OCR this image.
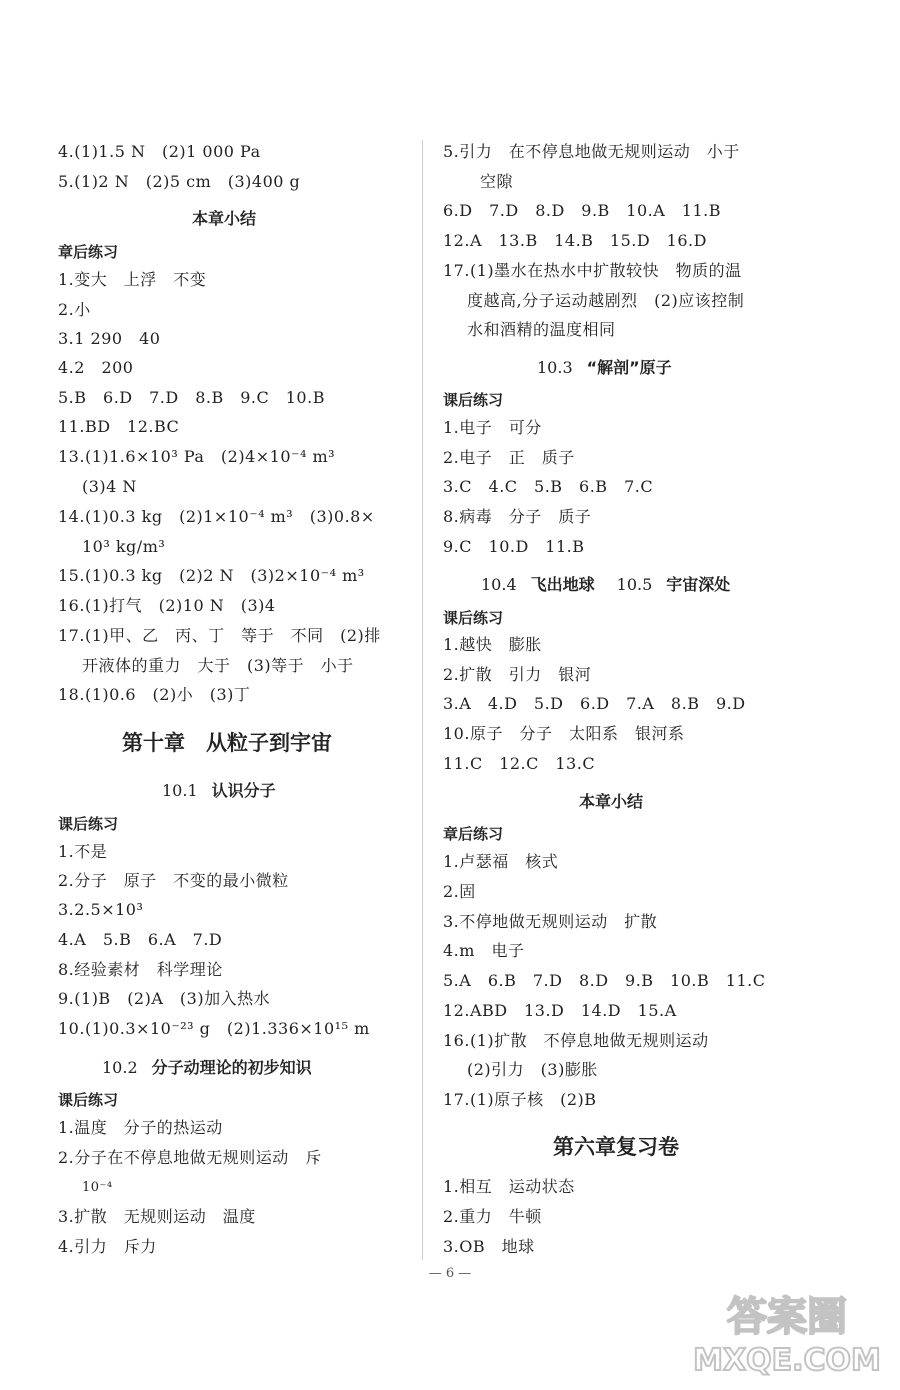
4.(1)1.5 N　(2)1 000 Pa
5.(1)2 N　(2)5 cm　(3)400 g
本章小结
章后练习
1.变大　上浮　不变
2.小
3.1 290　40
4.2　200
5.B　6.D　7.D　8.B　9.C　10.B
11.BD　12.BC
13.(1)1.6×10³ Pa　(2)4×10⁻⁴ m³
(3)4 N
14.(1)0.3 kg　(2)1×10⁻⁴ m³　(3)0.8×
10³ kg/m³
15.(1)0.3 kg　(2)2 N　(3)2×10⁻⁴ m³
16.(1)打气　(2)10 N　(3)4
17.(1)甲、乙　丙、丁　等于　不同　(2)排
开液体的重力　大于　(3)等于　小于
18.(1)0.6　(2)小　(3)丁
第十章　从粒子到宇宙
10.1 认识分子
课后练习
1.不是
2.分子　原子　不变的最小微粒
3.2.5×10³
4.A　5.B　6.A　7.D
8.经验素材　科学理论
9.(1)B　(2)A　(3)加入热水
10.(1)0.3×10⁻²³ g　(2)1.336×10¹⁵ m
10.2 分子动理论的初步知识
课后练习
1.温度　分子的热运动
2.分子在不停息地做无规则运动　斥
10⁻⁴
3.扩散　无规则运动　温度
4.引力　斥力
5.引力　在不停息地做无规则运动　小于
空隙
6.D　7.D　8.D　9.B　10.A　11.B
12.A　13.B　14.B　15.D　16.D
17.(1)墨水在热水中扩散较快　物质的温
度越高,分子运动越剧烈　(2)应该控制
水和酒精的温度相同
10.3 “解剖”原子
课后练习
1.电子　可分
2.电子　正　质子
3.C　4.C　5.B　6.B　7.C
8.病毒　分子　质子
9.C　10.D　11.B
10.4 飞出地球 10.5 宇宙深处
课后练习
1.越快　膨胀
2.扩散　引力　银河
3.A　4.D　5.D　6.D　7.A　8.B　9.D
10.原子　分子　太阳系　银河系
11.C　12.C　13.C
本章小结
章后练习
1.卢瑟福　核式
2.固
3.不停地做无规则运动　扩散
4.m　电子
5.A　6.B　7.D　8.D　9.B　10.B　11.C
12.ABD　13.D　14.D　15.A
16.(1)扩散　不停息地做无规则运动
(2)引力　(3)膨胀
17.(1)原子核　(2)B
第六章复习卷
1.相互　运动状态
2.重力　牛顿
3.OB　地球
— 6 —
答案圈
MXQE.COM
